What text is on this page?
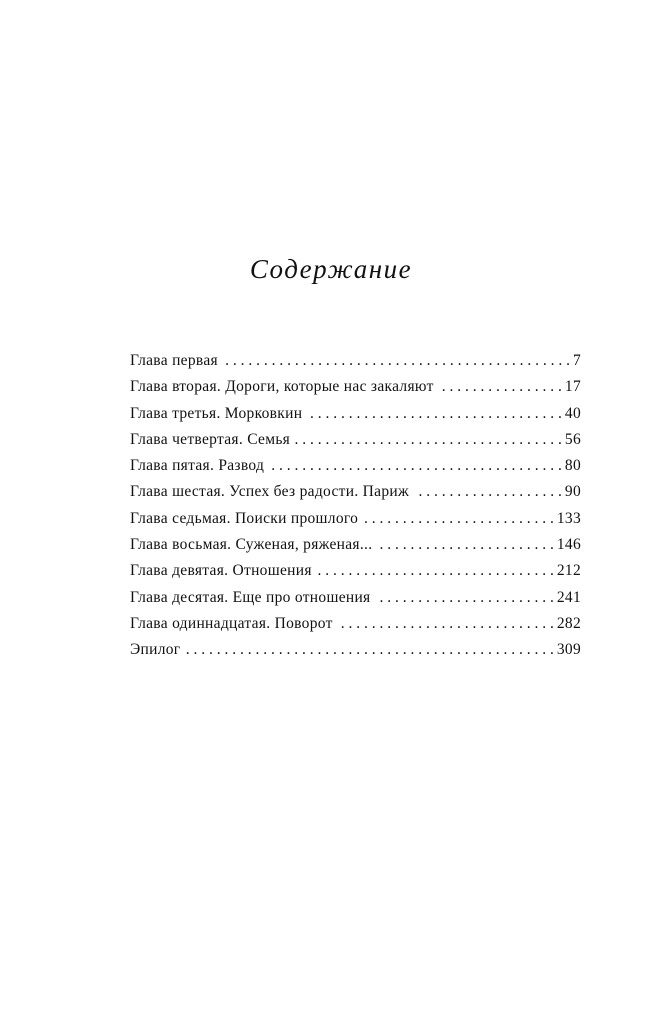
Содержание
Глава первая . . .	7
Глава вторая. Дороги, которые нас закаляют . . .	17
Глава третья. Морковкин . . .	40
Глава четвертая. Семья . . .	56
Глава пятая. Развод . . .	80
Глава шестая. Успех без радости. Париж . . .	90
Глава седьмая. Поиски прошлого . . .	133
Глава восьмая. Суженая, ряженая... . . .	146
Глава девятая. Отношения . . .	212
Глава десятая. Еще про отношения . . .	241
Глава одиннадцатая. Поворот . . .	282
Эпилог . . .	309
